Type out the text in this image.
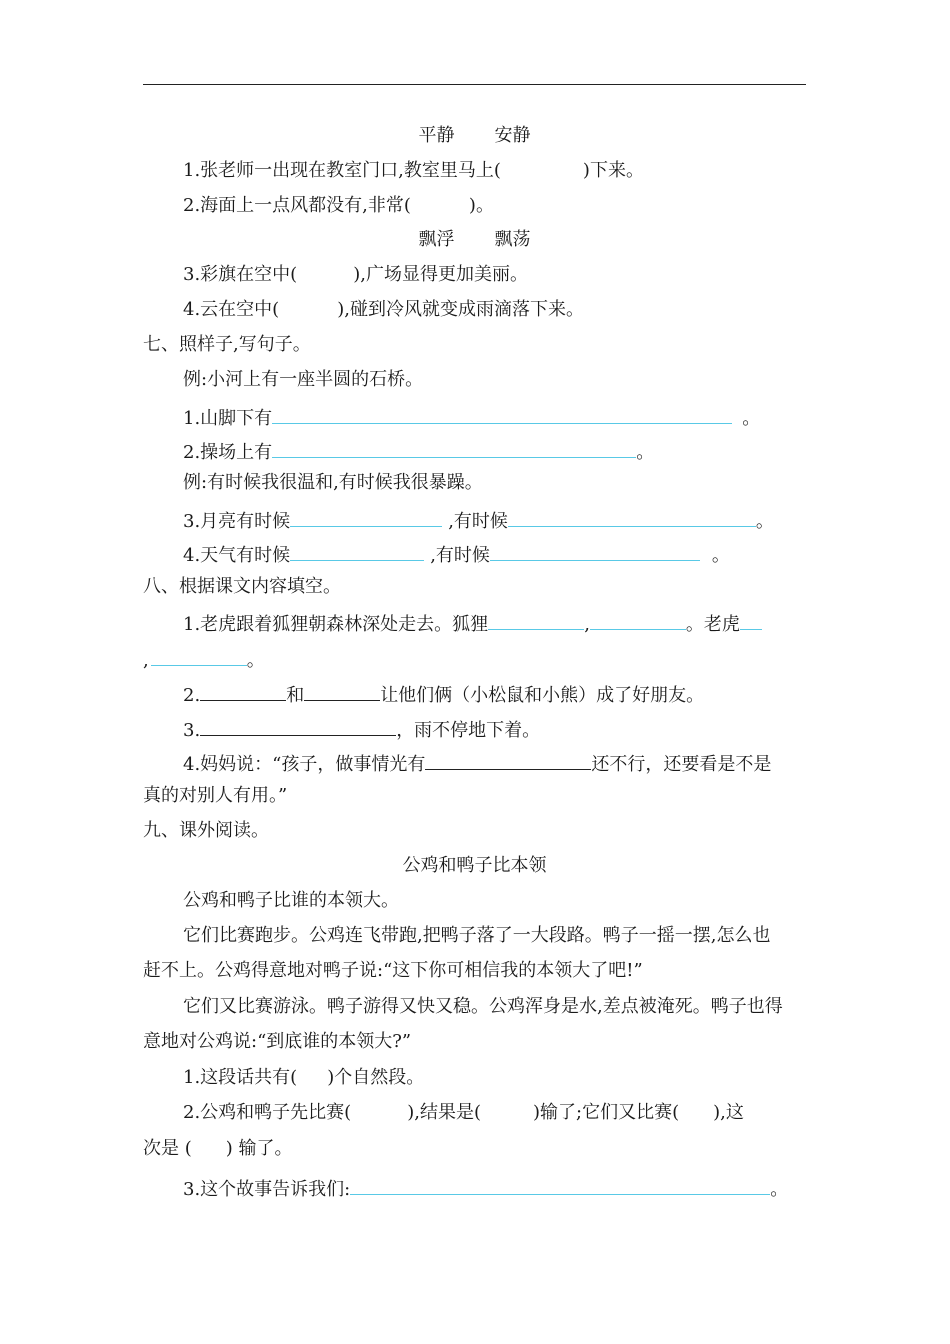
平静 安静
1.张老师一出现在教室门口,教室里马上(	)下来。
2.海面上一点风都没有,非常(	)。
飘浮 飘荡
3.彩旗在空中(	),广场显得更加美丽。
4.云在空中(	),碰到冷风就变成雨滴落下来。
七、照样子,写句子。
例:小河上有一座半圆的石桥。
1.山脚下有	。
2.操场上有	。
例:有时候我很温和,有时候我很暴躁。
3.月亮有时候	,有时候	。
4.天气有时候	,有时候	。
八、根据课文内容填空。
1.老虎跟着狐狸朝森林深处走去。狐狸	,	。老虎
,	。
2.	和	让他们俩（小松鼠和小熊）成了好朋友。
3.	，雨不停地下着。
4.妈妈说：“孩子，做事情光有	还不行，还要看是不是
真的对别人有用。”
九、课外阅读。
公鸡和鸭子比本领
公鸡和鸭子比谁的本领大。
它们比赛跑步。公鸡连飞带跑,把鸭子落了一大段路。鸭子一摇一摆,怎么也
赶不上。公鸡得意地对鸭子说:“这下你可相信我的本领大了吧!”
它们又比赛游泳。鸭子游得又快又稳。公鸡浑身是水,差点被淹死。鸭子也得
意地对公鸡说:“到底谁的本领大?”
1.这段话共有( )个自然段。
2.公鸡和鸭子先比赛(	),结果是(	)输了;它们又比赛( ),这
次是 ( ) 输了。
3.这个故事告诉我们:	。
